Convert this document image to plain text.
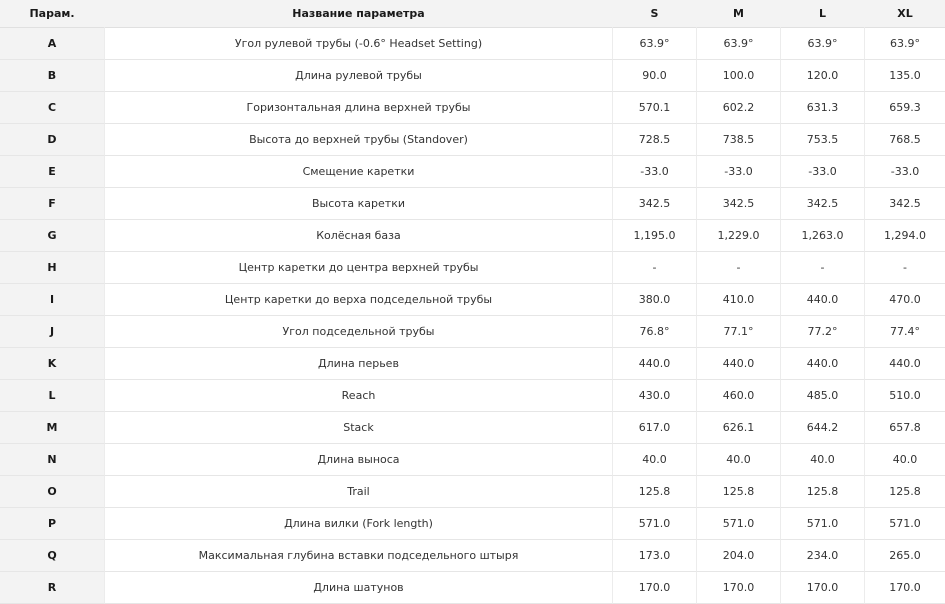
Парам.	Название параметра	S	M	L	XL
A	Угол рулевой трубы (-0.6° Headset Setting)	63.9°	63.9°	63.9°	63.9°
B	Длина рулевой трубы	90.0	100.0	120.0	135.0
C	Горизонтальная длина верхней трубы	570.1	602.2	631.3	659.3
D	Высота до верхней трубы (Standover)	728.5	738.5	753.5	768.5
E	Смещение каретки	-33.0	-33.0	-33.0	-33.0
F	Высота каретки	342.5	342.5	342.5	342.5
G	Колёсная база	1,195.0	1,229.0	1,263.0	1,294.0
H	Центр каретки до центра верхней трубы	-	-	-	-
I	Центр каретки до верха подседельной трубы	380.0	410.0	440.0	470.0
J	Угол подседельной трубы	76.8°	77.1°	77.2°	77.4°
K	Длина перьев	440.0	440.0	440.0	440.0
L	Reach	430.0	460.0	485.0	510.0
M	Stack	617.0	626.1	644.2	657.8
N	Длина выноса	40.0	40.0	40.0	40.0
O	Trail	125.8	125.8	125.8	125.8
P	Длина вилки (Fork length)	571.0	571.0	571.0	571.0
Q	Максимальная глубина вставки подседельного штыря	173.0	204.0	234.0	265.0
R	Длина шатунов	170.0	170.0	170.0	170.0
